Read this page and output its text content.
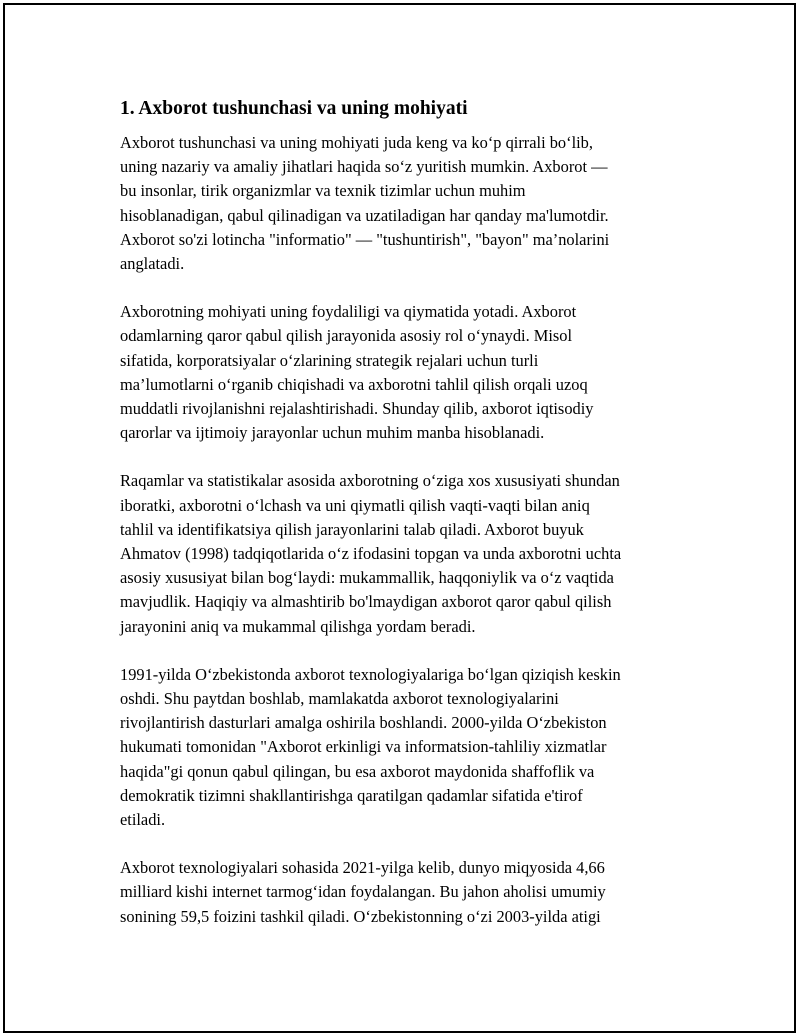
1. Axborot tushunchasi va uning mohiyati

Axborot tushunchasi va uning mohiyati juda keng va ko‘p qirrali bo‘lib,
uning nazariy va amaliy jihatlari haqida so‘z yuritish mumkin. Axborot —
bu insonlar, tirik organizmlar va texnik tizimlar uchun muhim
hisoblanadigan, qabul qilinadigan va uzatiladigan har qanday ma'lumotdir.
Axborot so'zi lotincha "informatio" — "tushuntirish", "bayon" ma’nolarini
anglatadi.

Axborotning mohiyati uning foydaliligi va qiymatida yotadi. Axborot
odamlarning qaror qabul qilish jarayonida asosiy rol o‘ynaydi. Misol
sifatida, korporatsiyalar o‘zlarining strategik rejalari uchun turli
ma’lumotlarni o‘rganib chiqishadi va axborotni tahlil qilish orqali uzoq
muddatli rivojlanishni rejalashtirishadi. Shunday qilib, axborot iqtisodiy
qarorlar va ijtimoiy jarayonlar uchun muhim manba hisoblanadi.

Raqamlar va statistikalar asosida axborotning o‘ziga xos xususiyati shundan
iboratki, axborotni o‘lchash va uni qiymatli qilish vaqti-vaqti bilan aniq
tahlil va identifikatsiya qilish jarayonlarini talab qiladi. Axborot buyuk
Ahmatov (1998) tadqiqotlarida o‘z ifodasini topgan va unda axborotni uchta
asosiy xususiyat bilan bog‘laydi: mukammallik, haqqoniylik va o‘z vaqtida
mavjudlik. Haqiqiy va almashtirib bo'lmaydigan axborot qaror qabul qilish
jarayonini aniq va mukammal qilishga yordam beradi.

1991-yilda O‘zbekistonda axborot texnologiyalariga bo‘lgan qiziqish keskin
oshdi. Shu paytdan boshlab, mamlakatda axborot texnologiyalarini
rivojlantirish dasturlari amalga oshirila boshlandi. 2000-yilda O‘zbekiston
hukumati tomonidan "Axborot erkinligi va informatsion-tahliliy xizmatlar
haqida"gi qonun qabul qilingan, bu esa axborot maydonida shaffoflik va
demokratik tizimni shakllantirishga qaratilgan qadamlar sifatida e'tirof
etiladi.

Axborot texnologiyalari sohasida 2021-yilga kelib, dunyo miqyosida 4,66
milliard kishi internet tarmog‘idan foydalangan. Bu jahon aholisi umumiy
sonining 59,5 foizini tashkil qiladi. O‘zbekistonning o‘zi 2003-yilda atigi
